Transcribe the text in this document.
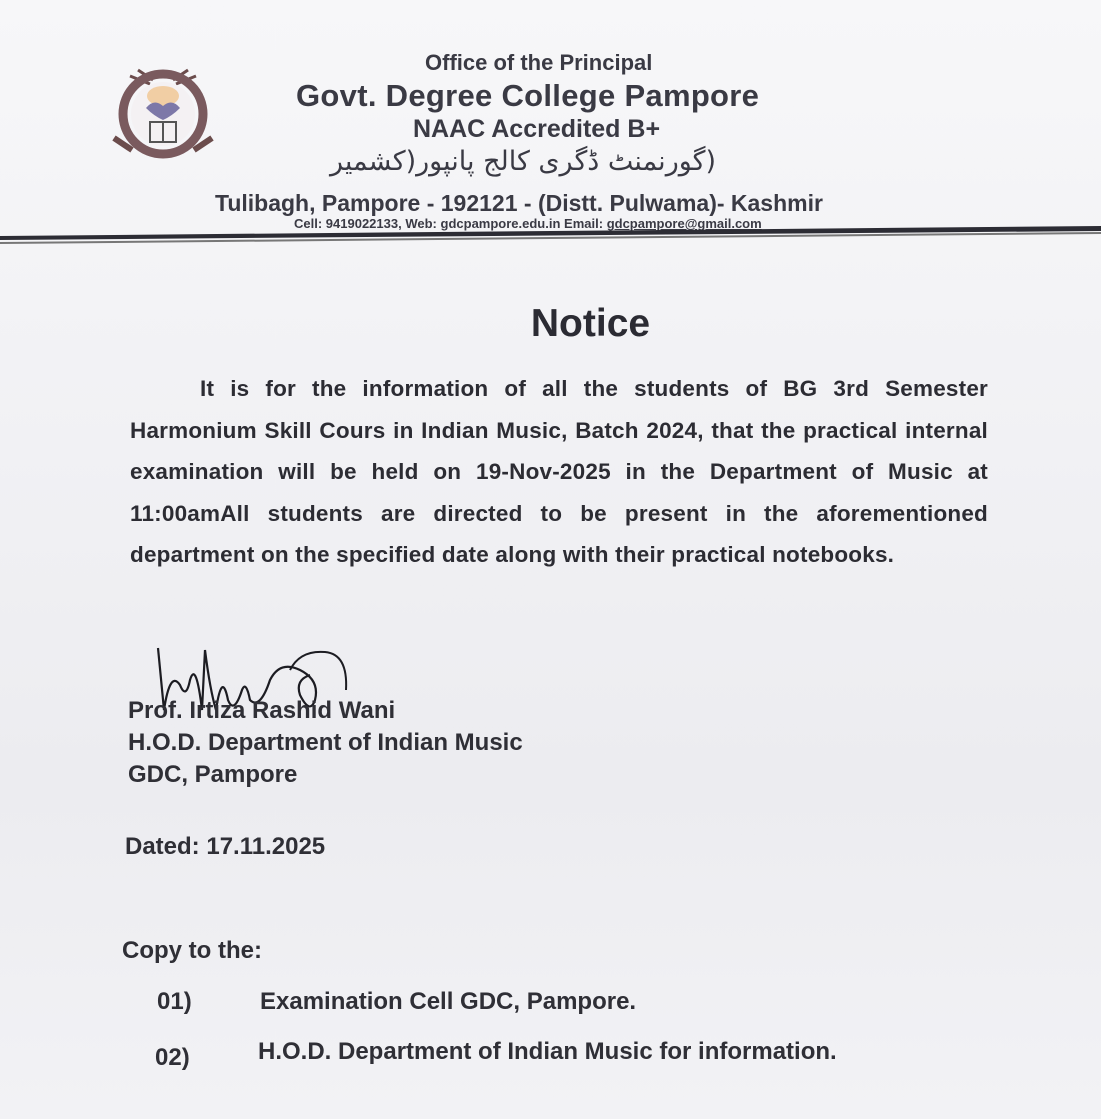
Office of the Principal
Govt. Degree College Pampore
NAAC Accredited B+
(گورنمنٹ ڈگری کالج پانپور(کشمیر
Tulibagh, Pampore - 192121 - (Distt. Pulwama)- Kashmir
Cell: 9419022133, Web: gdcpampore.edu.in Email: gdcpampore@gmail.com
Notice
It is for the information of all the students of BG 3rd Semester Harmonium Skill Cours in Indian Music, Batch 2024, that the practical internal examination will be held on 19-Nov-2025 in the Department of Music at 11:00amAll students are directed to be present in the aforementioned department on the specified date along with their practical notebooks.
Prof. Irtiza Rashid Wani
H.O.D. Department of Indian Music
GDC, Pampore
Dated: 17.11.2025
Copy to the:
01)	Examination Cell GDC, Pampore.
02)	H.O.D. Department of Indian Music for information.
